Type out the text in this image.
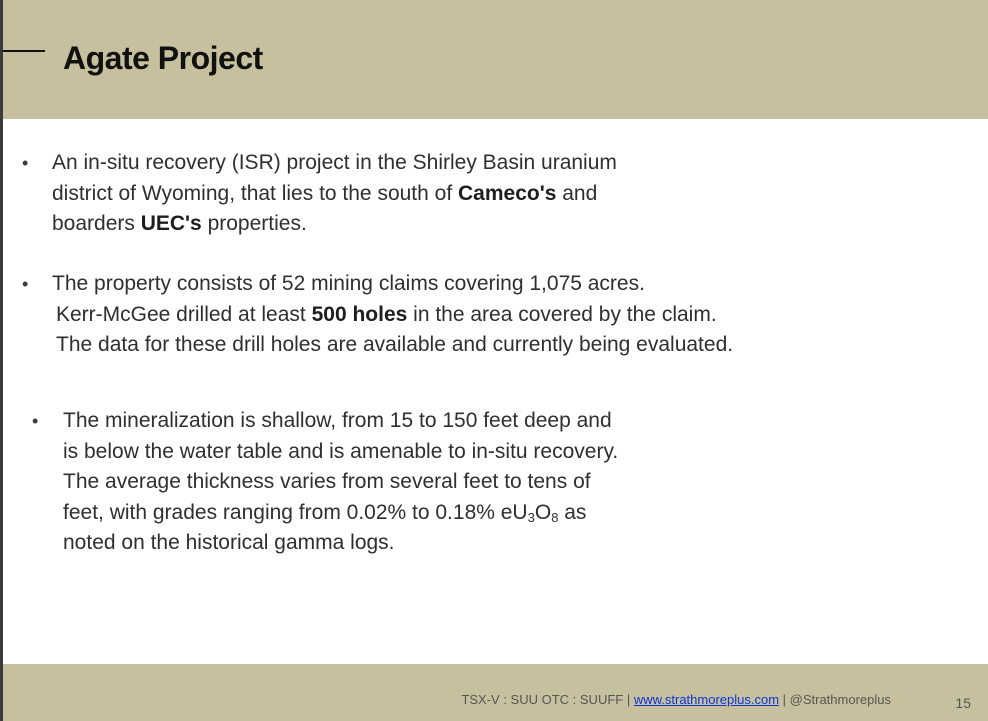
Agate Project
• An in-situ recovery (ISR) project in the Shirley Basin uranium
district of Wyoming, that lies to the south of Cameco's and
boarders UEC's properties.
• The property consists of 52 mining claims covering 1,075 acres.
Kerr-McGee drilled at least 500 holes in the area covered by the claim.
The data for these drill holes are available and currently being evaluated.
• The mineralization is shallow, from 15 to 150 feet deep and
is below the water table and is amenable to in-situ recovery.
The average thickness varies from several feet to tens of
feet, with grades ranging from 0.02% to 0.18% $eU_3O_8$ as
noted on the historical gamma logs.
TSX-V : SUU OTC : SUUFF | www.strathmoreplus.com | @Strathmoreplus	15
